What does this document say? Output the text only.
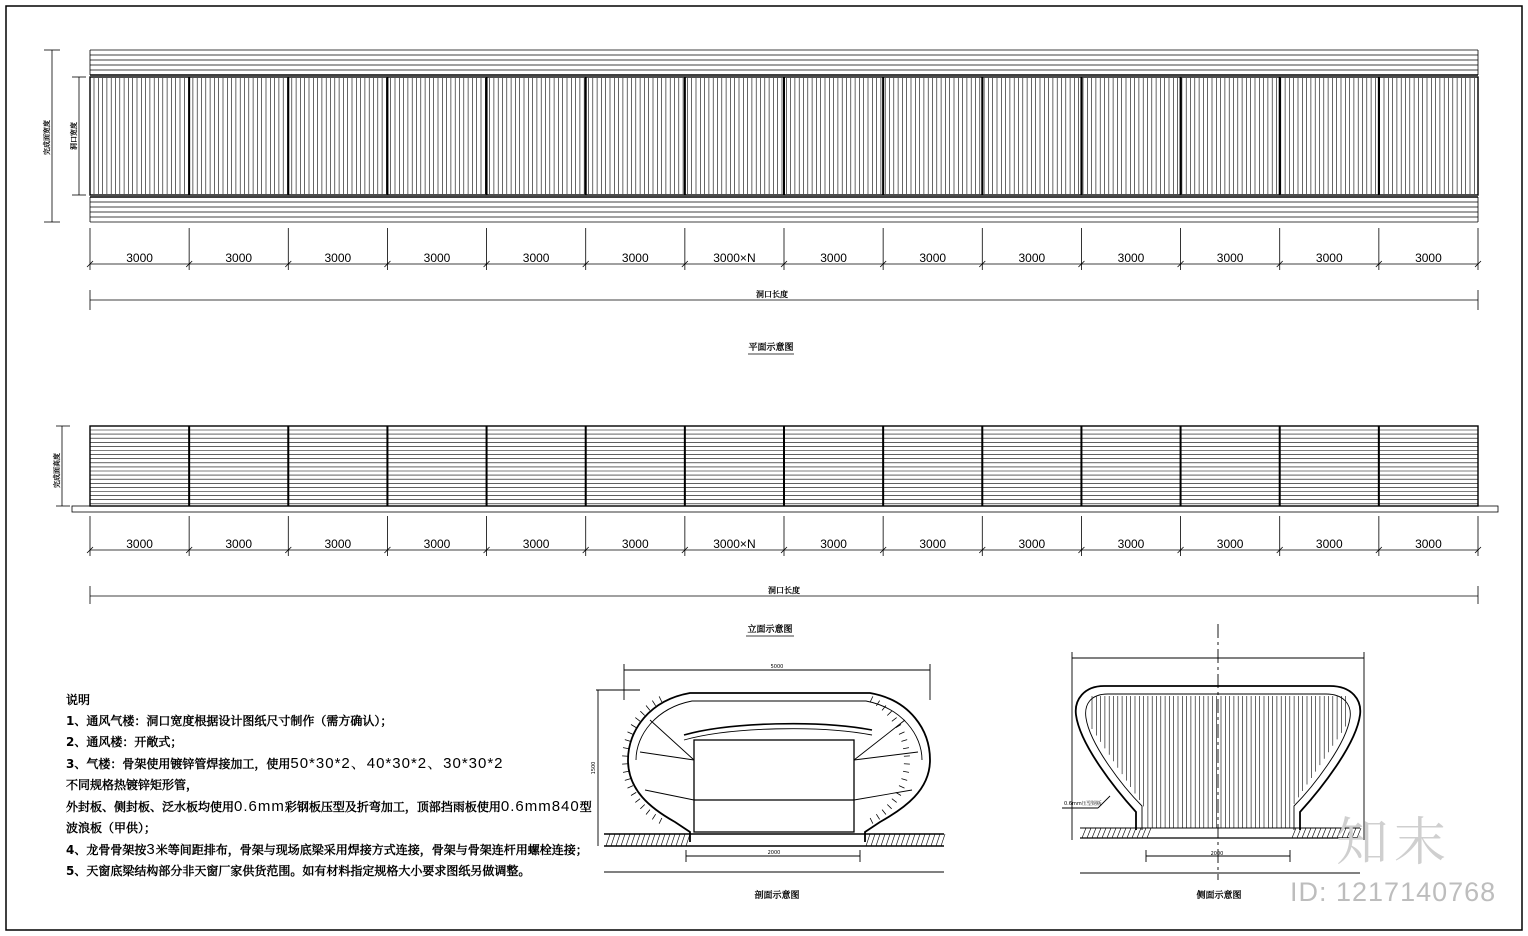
3000	3000	3000	3000	3000	3000	3000×N	3000	3000	3000	3000	3000	3000	3000
完成面宽度	洞口宽度
洞口长度
平面示意图
3000	3000	3000	3000	3000	3000	3000×N	3000	3000	3000	3000	3000	3000	3000
完成面高度
洞口长度
立面示意图
5000
1500
2000
剖面示意图
0.6mm压型钢板
2000
侧面示意图
说明
1、通风气楼：洞口宽度根据设计图纸尺寸制作（需方确认）；
2、通风楼：开敞式；
3、气楼：骨架使用镀锌管焊接加工，使用50*30*2、40*30*2、30*30*2
不同规格热镀锌矩形管，
外封板、侧封板、泛水板均使用0.6mm彩钢板压型及折弯加工，顶部挡雨板使用0.6mm840型
波浪板（甲供）；
4、龙骨骨架按3米等间距排布，骨架与现场底梁采用焊接方式连接，骨架与骨架连杆用螺栓连接；
5、天窗底梁结构部分非天窗厂家供货范围。如有材料指定规格大小要求图纸另做调整。	知末
ID: 1217140768
